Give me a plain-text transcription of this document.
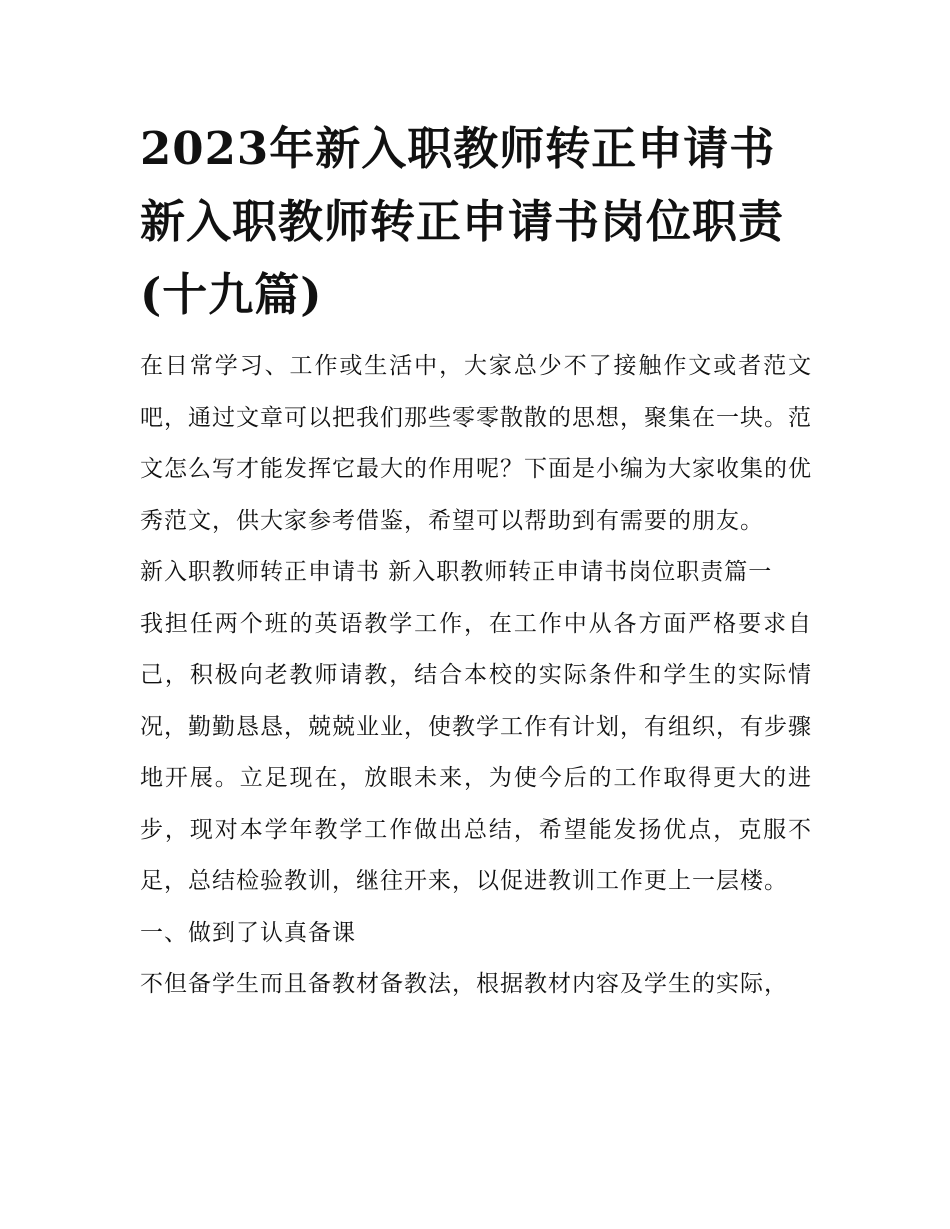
2023年新入职教师转正申请书 新入职教师转正申请书岗位职责(十九篇)

在日常学习、工作或生活中，大家总少不了接触作文或者范文吧，通过文章可以把我们那些零零散散的思想，聚集在一块。范文怎么写才能发挥它最大的作用呢？下面是小编为大家收集的优秀范文，供大家参考借鉴，希望可以帮助到有需要的朋友。

新入职教师转正申请书 新入职教师转正申请书岗位职责篇一

我担任两个班的英语教学工作，在工作中从各方面严格要求自己，积极向老教师请教，结合本校的实际条件和学生的实际情况，勤勤恳恳，兢兢业业，使教学工作有计划，有组织，有步骤地开展。立足现在，放眼未来，为使今后的工作取得更大的进步，现对本学年教学工作做出总结，希望能发扬优点，克服不足，总结检验教训，继往开来，以促进教训工作更上一层楼。

一、做到了认真备课

不但备学生而且备教材备教法，根据教材内容及学生的实际，
